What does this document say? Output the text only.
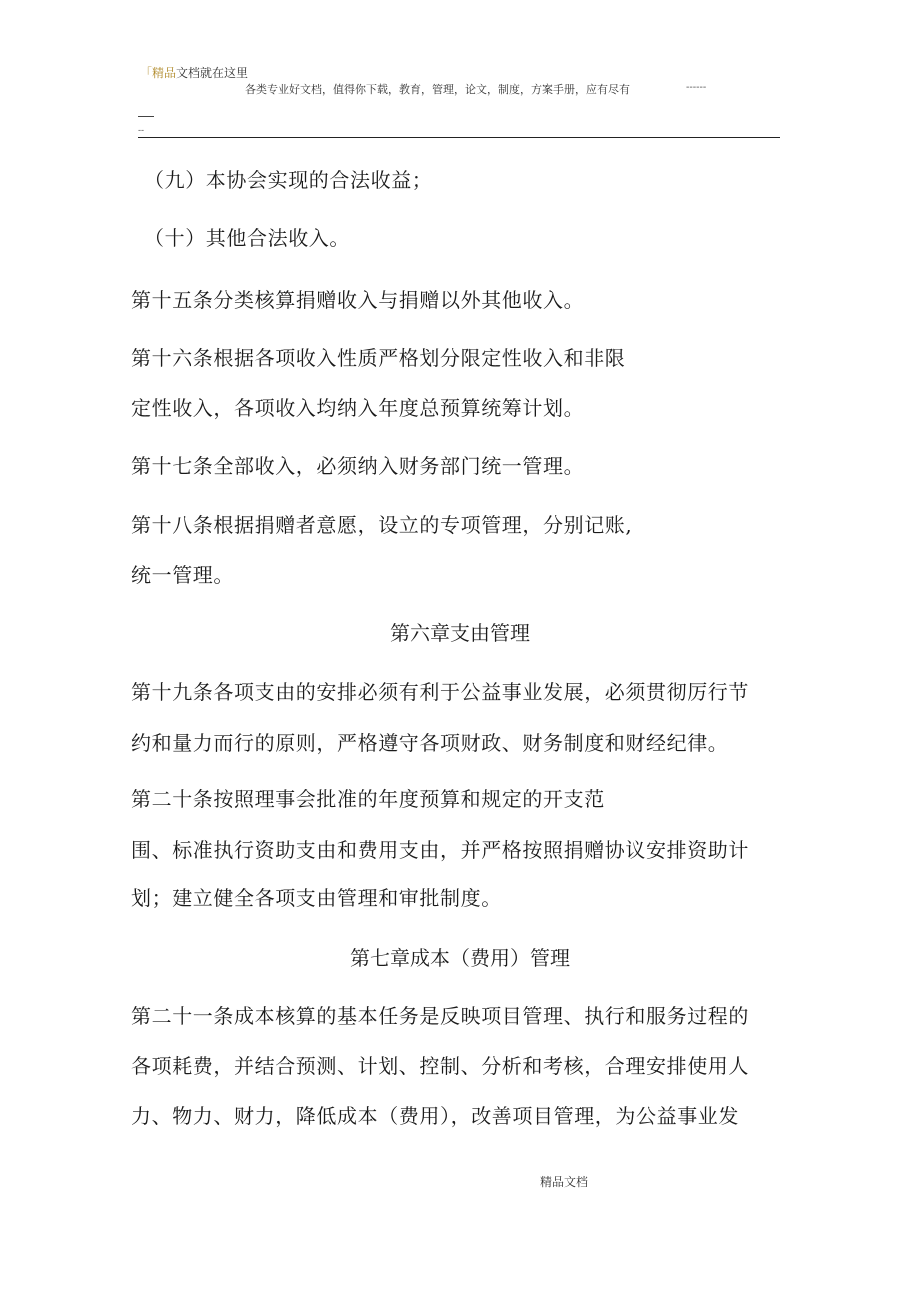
「精品文档就在这里
各类专业好文档，值得你下载，教育，管理，论文，制度，方案手册，应有尽有	------
--
（九）本协会实现的合法收益；
（十）其他合法收入。
第十五条分类核算捐赠收入与捐赠以外其他收入。
第十六条根据各项收入性质严格划分限定性收入和非限
定性收入，各项收入均纳入年度总预算统筹计划。
第十七条全部收入，必须纳入财务部门统一管理。
第十八条根据捐赠者意愿，设立的专项管理，分别记账,
统一管理。
第六章支由管理
第十九条各项支由的安排必须有利于公益事业发展，必须贯彻厉行节
约和量力而行的原则，严格遵守各项财政、财务制度和财经纪律。
第二十条按照理事会批准的年度预算和规定的开支范
围、标准执行资助支由和费用支由，并严格按照捐赠协议安排资助计
划；建立健全各项支由管理和审批制度。
第七章成本（费用）管理
第二十一条成本核算的基本任务是反映项目管理、执行和服务过程的
各项耗费，并结合预测、计划、控制、分析和考核，合理安排使用人
力、物力、财力，降低成本（费用），改善项目管理，为公益事业发
精品文档
